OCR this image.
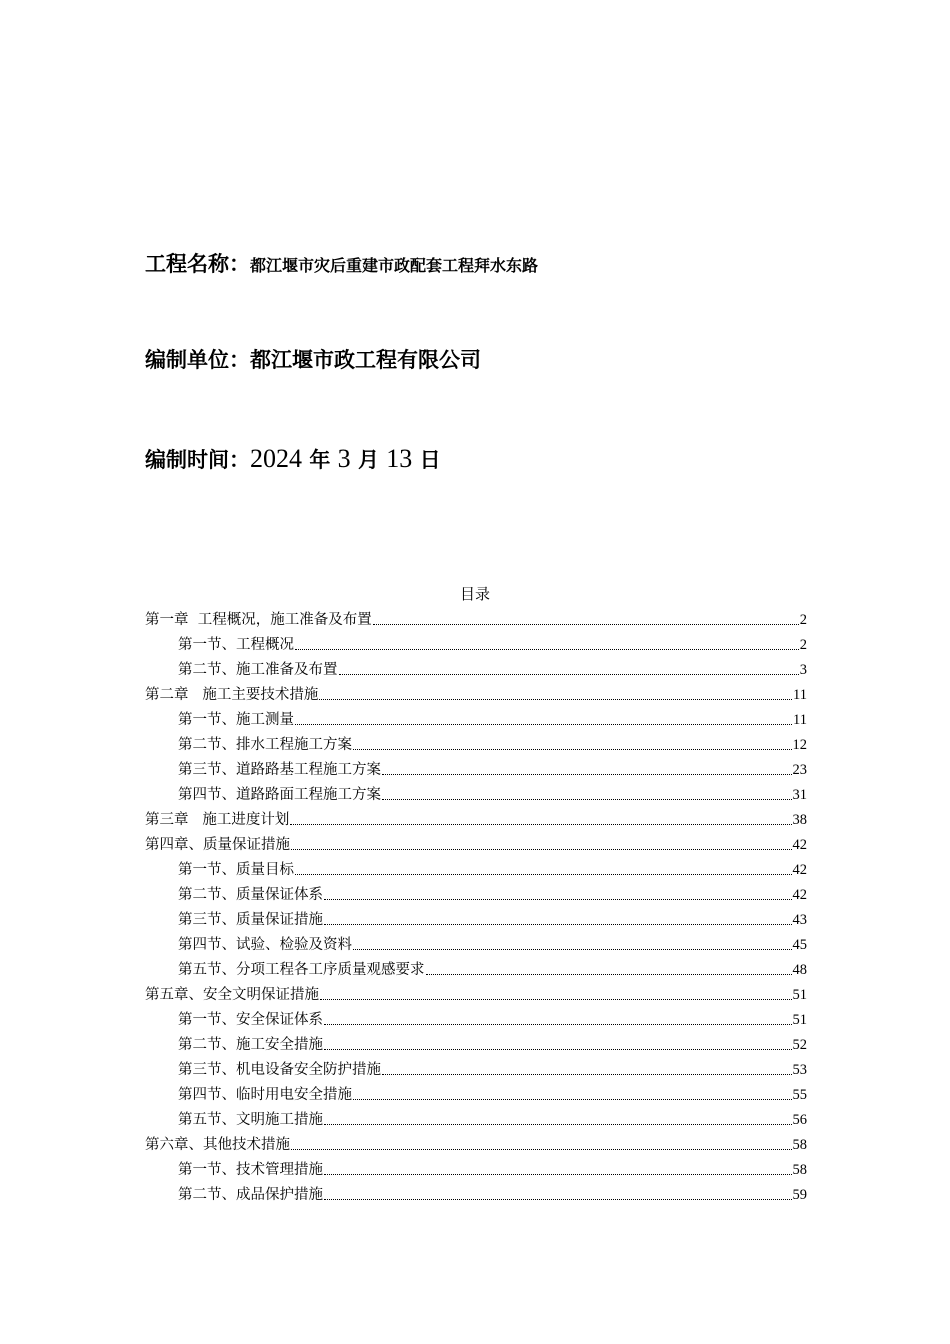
工程名称：都江堰市灾后重建市政配套工程拜水东路
编制单位：都江堰市政工程有限公司
编制时间：2024 年 3 月 13 日
目录
第一章  工程概况，施工准备及布置	2
第一节、工程概况	2
第二节、施工准备及布置	3
第二章   施工主要技术措施	11
第一节、施工测量	11
第二节、排水工程施工方案	12
第三节、道路路基工程施工方案	23
第四节、道路路面工程施工方案	31
第三章   施工进度计划	38
第四章、质量保证措施	42
第一节、质量目标	42
第二节、质量保证体系	42
第三节、质量保证措施	43
第四节、试验、检验及资料	45
第五节、分项工程各工序质量观感要求	48
第五章、安全文明保证措施	51
第一节、安全保证体系	51
第二节、施工安全措施	52
第三节、机电设备安全防护措施	53
第四节、临时用电安全措施	55
第五节、文明施工措施	56
第六章、其他技术措施	58
第一节、技术管理措施	58
第二节、成品保护措施	59
